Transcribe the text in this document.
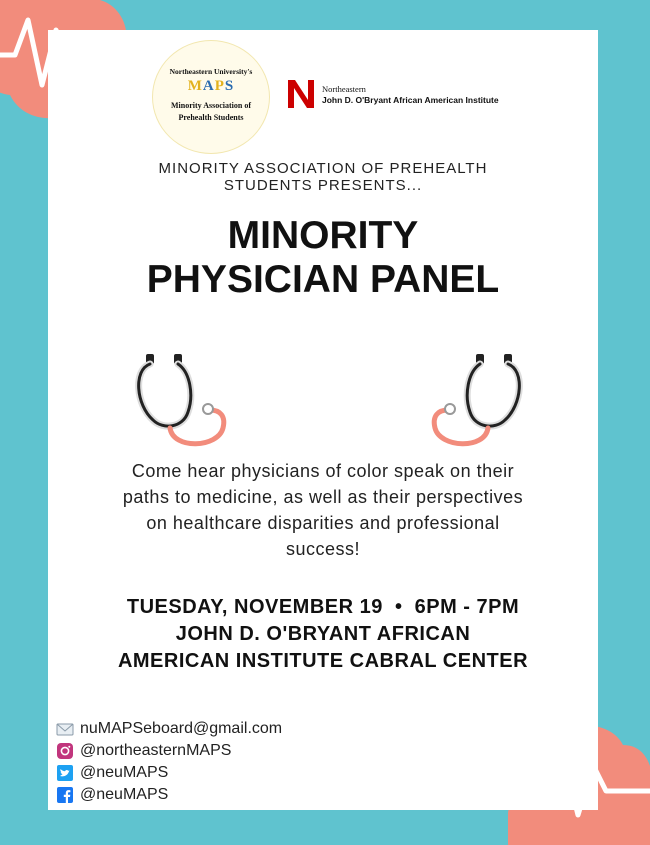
Northeastern University's
MAPS
Minority Association of
Prehealth Students
Northeastern
John D. O'Bryant African American Institute
MINORITY ASSOCIATION OF PREHEALTH
STUDENTS PRESENTS...
MINORITY
PHYSICIAN PANEL
Come hear physicians of color speak on their
paths to medicine, as well as their perspectives
on healthcare disparities and professional
success!
TUESDAY, NOVEMBER 19  •  6PM - 7PM
JOHN D. O'BRYANT AFRICAN
AMERICAN INSTITUTE CABRAL CENTER
nuMAPSeboard@gmail.com
@northeasternMAPS
@neuMAPS
@neuMAPS
